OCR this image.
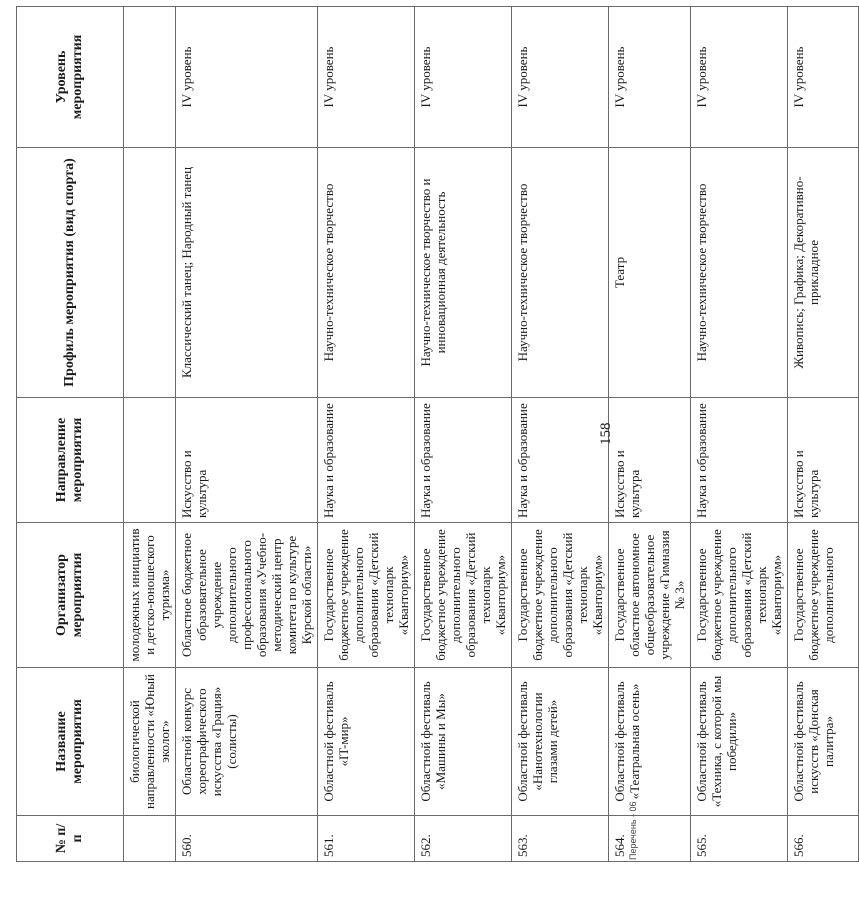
№ п/п	Название мероприятия	Организатор мероприятия	Направление мероприятия	Профиль мероприятия (вид спорта)	Уровень мероприятия
	биологической направленности «Юный эколог»	молодежных инициатив и детско-юношеского туризма»			
560.	Областной конкурс хореографического искусства «Грация» (солисты)	Областное бюджетное образовательное учреждение дополнительного профессионального образования «Учебно-методический центр комитета по культуре Курской области»	Искусство и культура	Классический танец; Народный танец	IV уровень
561.	Областной фестиваль «IT-мир»	Государственное бюджетное учреждение дополнительного образования «Детский технопарк «Кванториум»	Наука и образование	Научно-техническое творчество	IV уровень
562.	Областной фестиваль «Машины и Мы»	Государственное бюджетное учреждение дополнительного образования «Детский технопарк «Кванториум»	Наука и образование	Научно-техническое творчество и инновационная деятельность	IV уровень
563.	Областной фестиваль «Нанотехнологии глазами детей»	Государственное бюджетное учреждение дополнительного образования «Детский технопарк «Кванториум»	Наука и образование	Научно-техническое творчество	IV уровень
564.	Областной фестиваль «Театральная осень»	Государственное областное автономное общеобразовательное учреждение «Гимназия № 3»	Искусство и культура	Театр	IV уровень
565.	Областной фестиваль «Техника, с которой мы победили»	Государственное бюджетное учреждение дополнительного образования «Детский технопарк «Кванториум»	Наука и образование	Научно-техническое творчество	IV уровень
566.	Областной фестиваль искусств «Донская палитра»	Государственное бюджетное учреждение дополнительного	Искусство и культура	Живопись; Графика; Декоративно-прикладное	IV уровень
158
Перечень - 06
